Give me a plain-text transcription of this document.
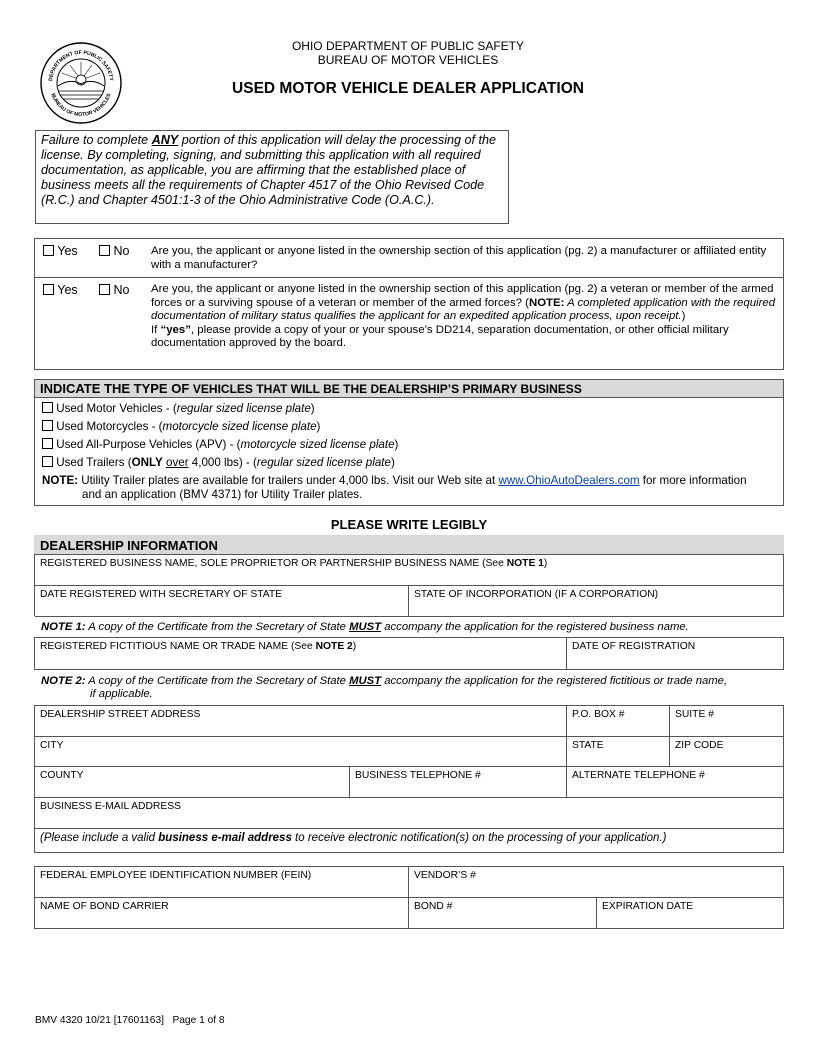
DEPARTMENT OF PUBLIC SAFETY
BUREAU OF MOTOR VEHICLES
OHIO DEPARTMENT OF PUBLIC SAFETY
BUREAU OF MOTOR VEHICLES
USED MOTOR VEHICLE DEALER APPLICATION
Failure to complete ANY portion of this application will delay the processing of the license. By completing, signing, and submitting this application with all required documentation, as applicable, you are affirming that the established place of business meets all the requirements of Chapter 4517 of the Ohio Revised Code (R.C.) and Chapter 4501:1-3 of the Ohio Administrative Code (O.A.C.).
Yes	No Are you, the applicant or anyone listed in the ownership section of this application (pg. 2) a manufacturer or affiliated entity with a manufacturer?
Yes	No Are you, the applicant or anyone listed in the ownership section of this application (pg. 2) a veteran or member of the armed forces or a surviving spouse of a veteran or member of the armed forces? (NOTE: A completed application with the required documentation of military status qualifies the applicant for an expedited application process, upon receipt.)
If “yes”, please provide a copy of your or your spouse’s DD214, separation documentation, or other official military documentation approved by the board.
INDICATE THE TYPE OF VEHICLES THAT WILL BE THE DEALERSHIP’S PRIMARY BUSINESS
Used Motor Vehicles - (regular sized license plate)
Used Motorcycles - (motorcycle sized license plate)
Used All-Purpose Vehicles (APV) - (motorcycle sized license plate)
Used Trailers (ONLY over 4,000 lbs) - (regular sized license plate)
NOTE: Utility Trailer plates are available for trailers under 4,000 lbs. Visit our Web site at www.OhioAutoDealers.com for more information
and an application (BMV 4371) for Utility Trailer plates.
PLEASE WRITE LEGIBLY
DEALERSHIP INFORMATION
REGISTERED BUSINESS NAME, SOLE PROPRIETOR OR PARTNERSHIP BUSINESS NAME (See NOTE 1)
DATE REGISTERED WITH SECRETARY OF STATE	STATE OF INCORPORATION (IF A CORPORATION)
NOTE 1: A copy of the Certificate from the Secretary of State MUST accompany the application for the registered business name.
REGISTERED FICTITIOUS NAME OR TRADE NAME (See NOTE 2)	DATE OF REGISTRATION
NOTE 2: A copy of the Certificate from the Secretary of State MUST accompany the application for the registered fictitious or trade name,
if applicable.
DEALERSHIP STREET ADDRESS	P.O. BOX #	SUITE #
CITY	STATE	ZIP CODE
COUNTY	BUSINESS TELEPHONE #	ALTERNATE TELEPHONE #
BUSINESS E-MAIL ADDRESS
(Please include a valid business e-mail address to receive electronic notification(s) on the processing of your application.)
FEDERAL EMPLOYEE IDENTIFICATION NUMBER (FEIN)	VENDOR’S #
NAME OF BOND CARRIER	BOND #	EXPIRATION DATE
BMV 4320 10/21 [17601163]   Page 1 of 8
